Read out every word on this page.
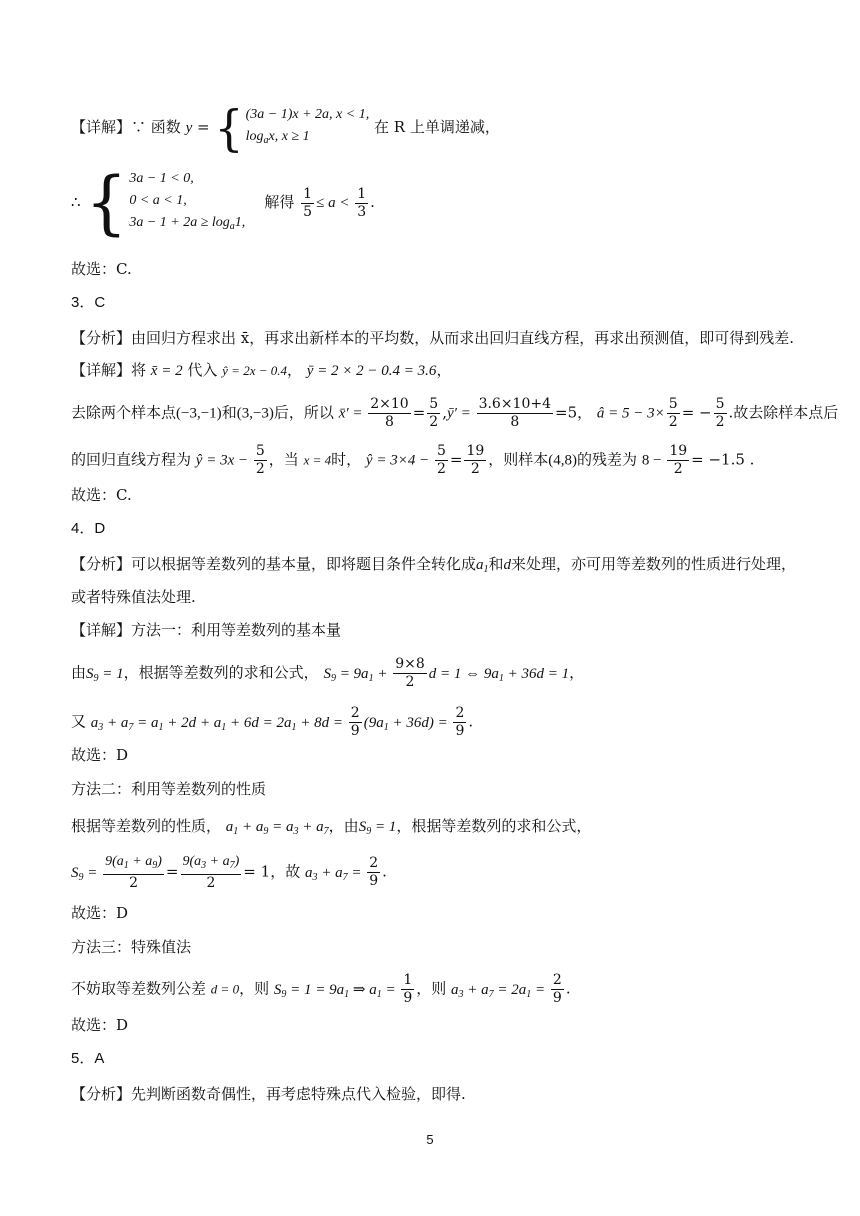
【详解】∵ 函数 y = { (3a − 1)x + 2a, x < 1,
$\log_ax$, x ≥ 1
在 R 上单调递减，
∴ { 3a − 1 < 0,
0 < a < 1,
$3a - 1 + 2a \ge \log_a1$,
解得 $\frac{1}{5} \le a < \frac{1}{3}$ .
故选：C.
3．C
【分析】由回归方程求出 x̄，再求出新样本的平均数，从而求出回归直线方程，再求出预测值，即可得到残差.
【详解】将 x̄ = 2 代入 ŷ = 2x − 0.4， ȳ = 2 × 2 − 0.4 = 3.6，
去除两个样本点(−3,−1)和(3,−3)后，所以 x̄′ = $\frac{2\times 10}{8} = \frac{5}{2}$ ,ȳ′ = $\frac{3.6\times 10+4}{8} =5$， â = $5 - 3\times \frac{5}{2}$ = − $\frac{5}{2}$ .故去除样本点后
的回归直线方程为 ŷ = $3x - \frac{5}{2}$ ，当 x = 4时， ŷ = $3\times 4 - \frac{5}{2} = \frac{19}{2}$ ，则样本(4,8)的残差为 $8 - \frac{19}{2} = -1.5$ .
故选：C.
4．D
【分析】可以根据等差数列的基本量，即将题目条件全转化成$a_1$和d来处理，亦可用等差数列的性质进行处理，
或者特殊值法处理.
【详解】方法一：利用等差数列的基本量
由$S_9 = 1$，根据等差数列的求和公式， $S_9 = 9a_1 + \frac{9\times 8}{2}$ d = 1 ⇔ $9a_1 + 36d = 1$，
又 $a_3 + a_7 = a_1 + 2d + a_1 + 6d = 2a_1 + 8d = \frac{2}{9} (9a_1 + 36d) = \frac{2}{9}$ .
故选：D
方法二：利用等差数列的性质
根据等差数列的性质， $a_1 + a_9 = a_3 + a_7$，由$S_9 = 1$，根据等差数列的求和公式，
$S_9 = \frac{9(a_1 + a_9)}{2} = \frac{9(a_3 + a_7)}{2} = 1$，故 $a_3 + a_7 = \frac{2}{9}$ .
故选：D
方法三：特殊值法
不妨取等差数列公差 d = 0，则 $S_9 = 1 = 9a_1$ ⇒ $a_1 = \frac{1}{9}$ ，则 $a_3 + a_7 = 2a_1 = \frac{2}{9}$ .
故选：D
5．A
【分析】先判断函数奇偶性，再考虑特殊点代入检验，即得.
5
